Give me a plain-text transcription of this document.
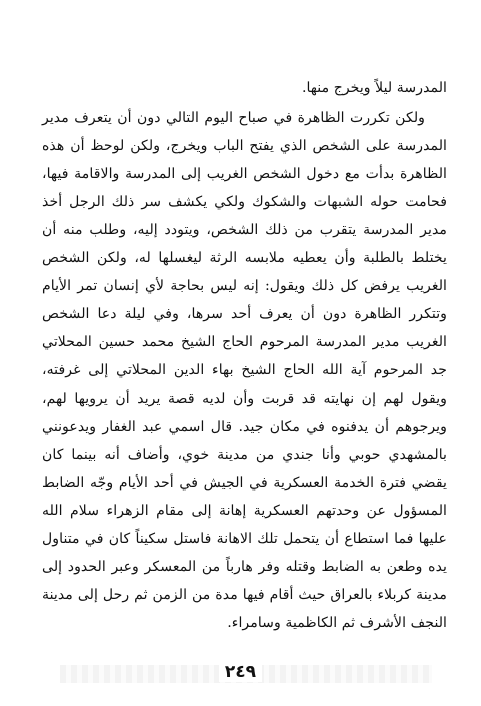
المدرسة ليلاً ويخرج منها.

ولكن تكررت الظاهرة في صباح اليوم التالي دون أن يتعرف مدير المدرسة على الشخص الذي يفتح الباب ويخرج، ولكن لوحظ أن هذه الظاهرة بدأت مع دخول الشخص الغريب إلى المدرسة والاقامة فيها، فحامت حوله الشبهات والشكوك ولكي يكشف سر ذلك الرجل أخذ مدير المدرسة يتقرب من ذلك الشخص، ويتودد إليه، وطلب منه أن يختلط بالطلبة وأن يعطيه ملابسه الرثة ليغسلها له، ولكن الشخص الغريب يرفض كل ذلك ويقول: إنه ليس بحاجة لأي إنسان تمر الأيام وتتكرر الظاهرة دون أن يعرف أحد سرها، وفي ليلة دعا الشخص الغريب مدير المدرسة المرحوم الحاج الشيخ محمد حسين المحلاتي جد المرحوم آية الله الحاج الشيخ بهاء الدين المحلاتي إلى غرفته، ويقول لهم إن نهايته قد قربت وأن لديه قصة يريد أن يرويها لهم، ويرجوهم أن يدفنوه في مكان جيد. قال اسمي عبد الغفار ويدعونني بالمشهدي حوبي وأنا جندي من مدينة خوي، وأضاف أنه بينما كان يقضي فترة الخدمة العسكرية في الجيش في أحد الأيام وجّه الضابط المسؤول عن وحدتهم العسكرية إهانة إلى مقام الزهراء سلام الله عليها فما استطاع أن يتحمل تلك الاهانة فاستل سكيناً كان في متناول يده وطعن به الضابط وقتله وفر هارباً من المعسكر وعبر الحدود إلى مدينة كربلاء بالعراق حيث أقام فيها مدة من الزمن ثم رحل إلى مدينة النجف الأشرف ثم الكاظمية وسامراء.

٢٤٩
